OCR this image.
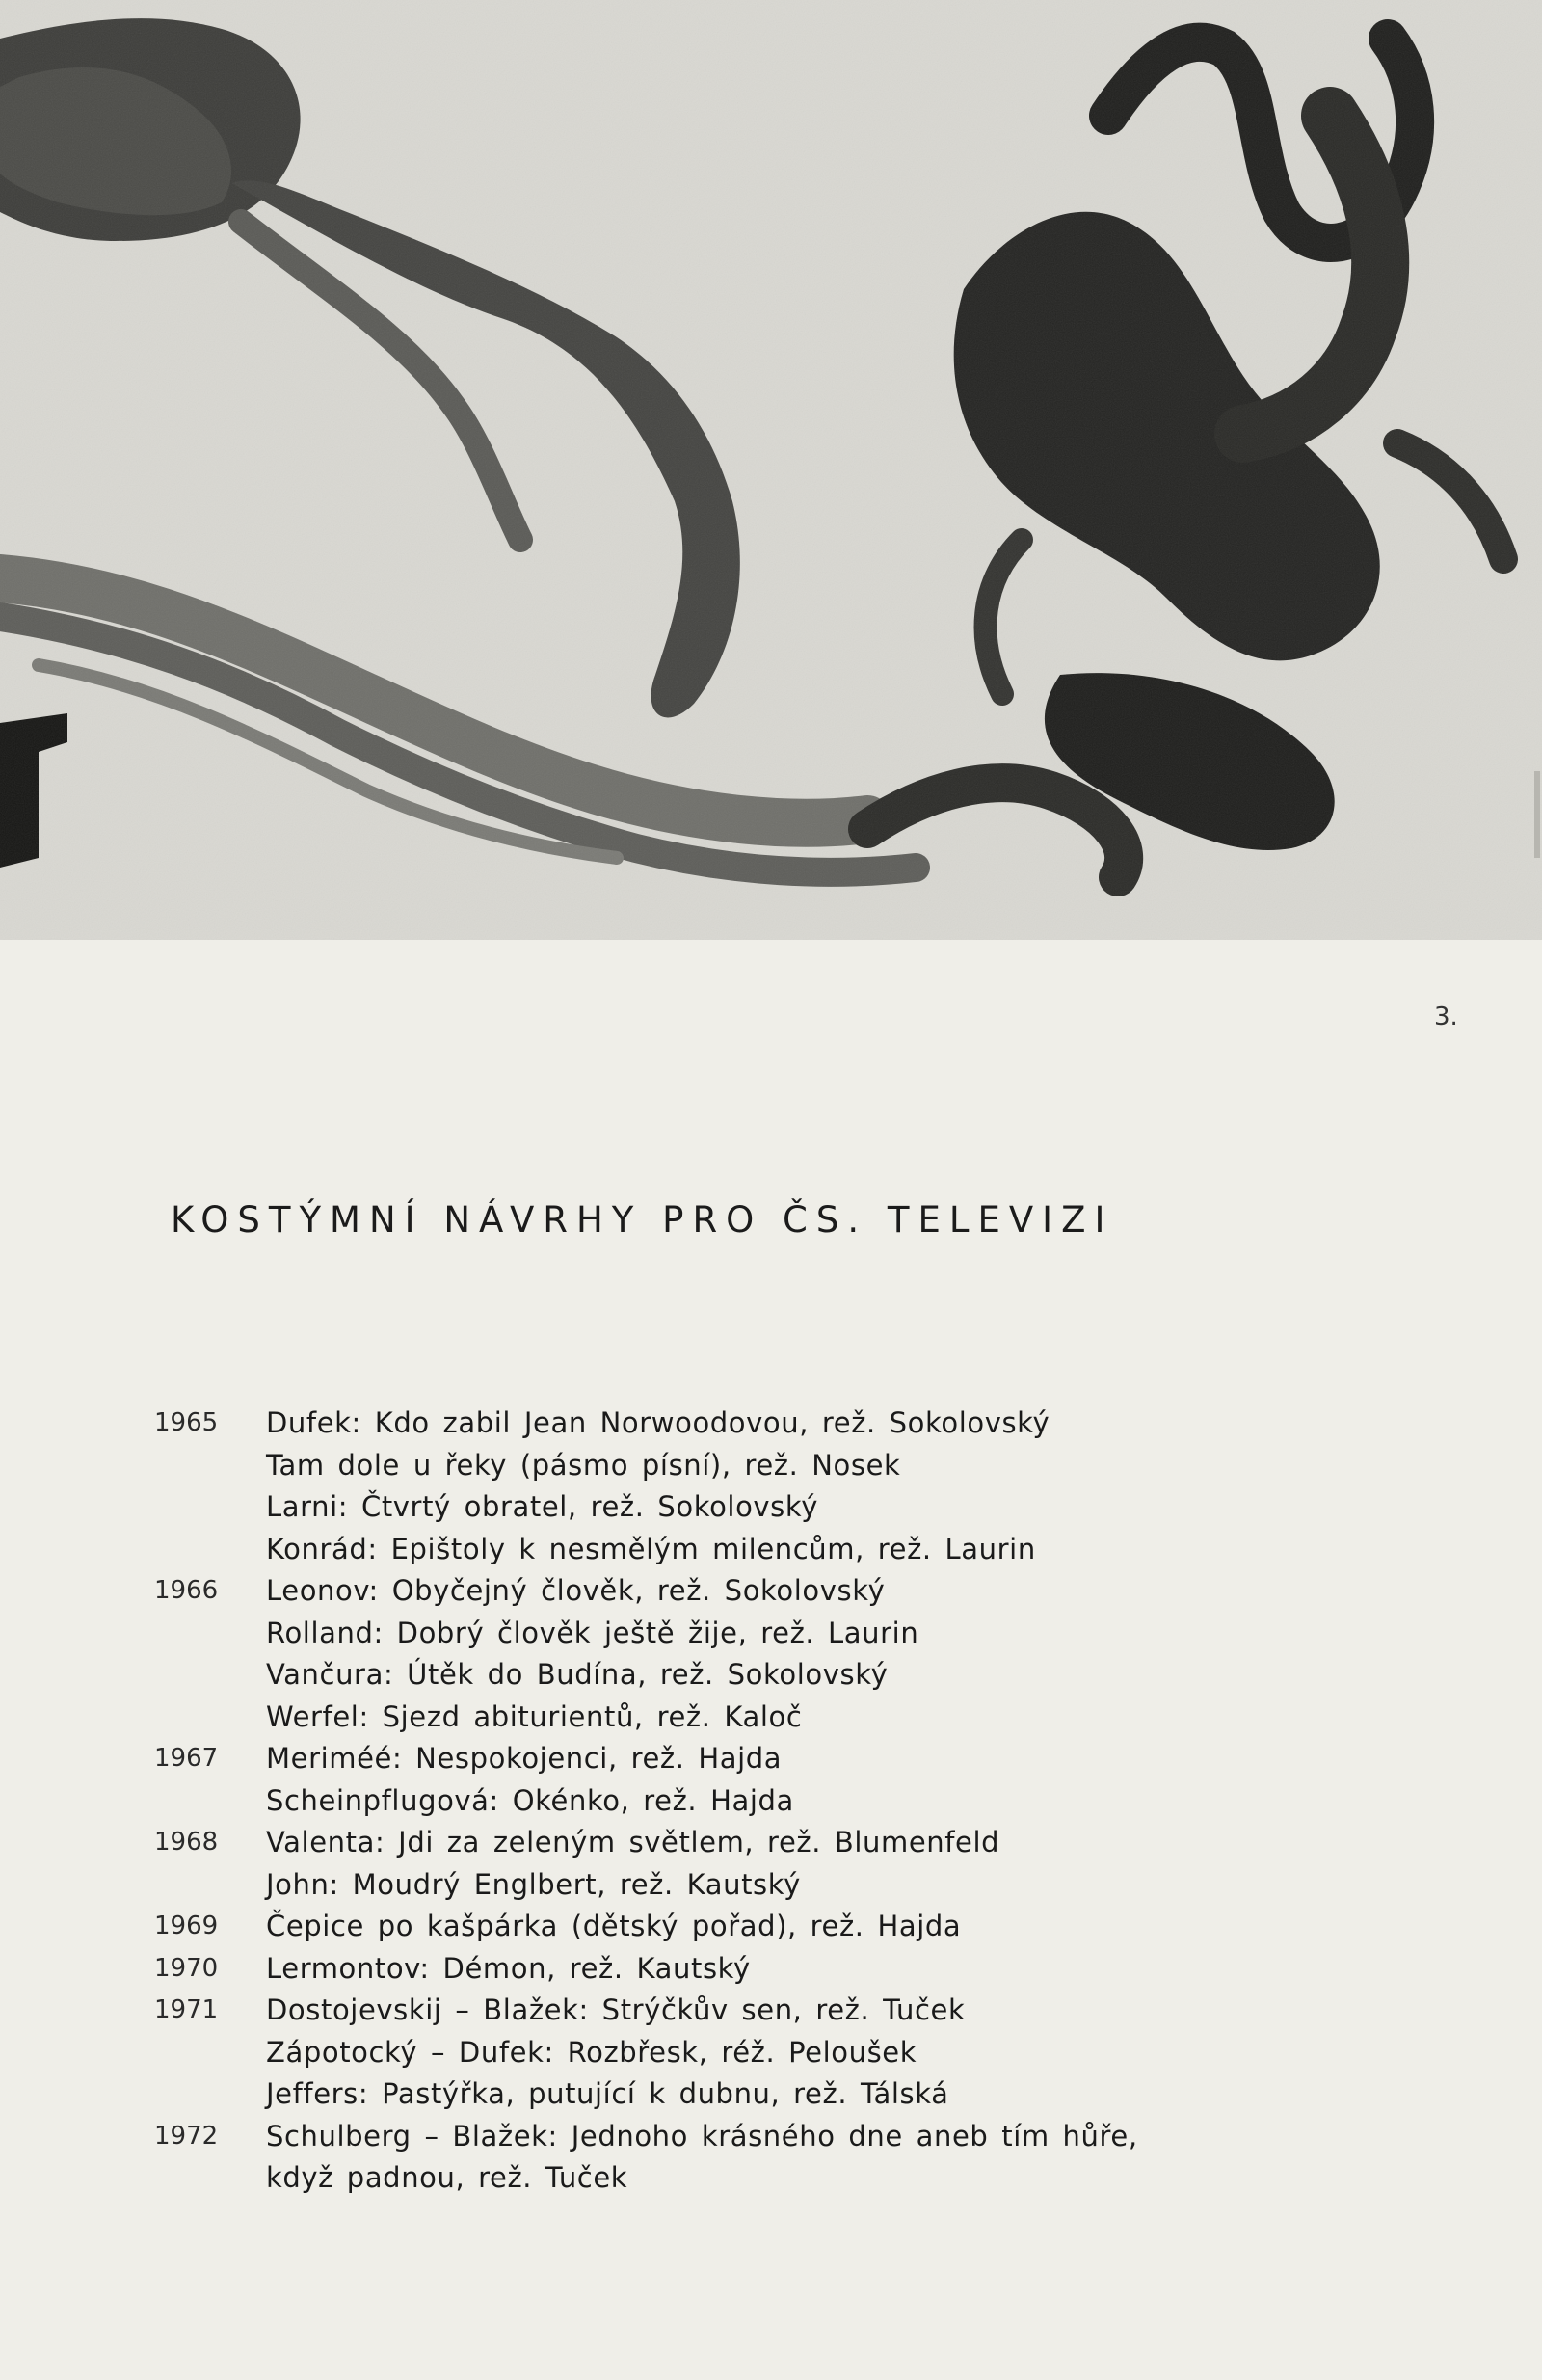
3.
KOSTÝMNÍ NÁVRHY PRO ČS. TELEVIZI
1965	Dufek: Kdo zabil Jean Norwoodovou, rež. Sokolovský
Tam dole u řeky (pásmo písní), rež. Nosek
Larni: Čtvrtý obratel, rež. Sokolovský
Konrád: Epištoly k nesmělým milencům, rež. Laurin
1966	Leonov: Obyčejný člověk, rež. Sokolovský
Rolland: Dobrý člověk ještě žije, rež. Laurin
Vančura: Útěk do Budína, rež. Sokolovský
Werfel: Sjezd abiturientů, rež. Kaloč
1967	Meriméé: Nespokojenci, rež. Hajda
Scheinpflugová: Okénko, rež. Hajda
1968	Valenta: Jdi za zeleným světlem, rež. Blumenfeld
John: Moudrý Englbert, rež. Kautský
1969	Čepice po kašpárka (dětský pořad), rež. Hajda
1970	Lermontov: Démon, rež. Kautský
1971	Dostojevskij – Blažek: Strýčkův sen, rež. Tuček
Zápotocký – Dufek: Rozbřesk, réž. Peloušek
Jeffers: Pastýřka, putující k dubnu, rež. Tálská
1972	Schulberg – Blažek: Jednoho krásného dne aneb tím hůře,
když padnou, rež. Tuček
